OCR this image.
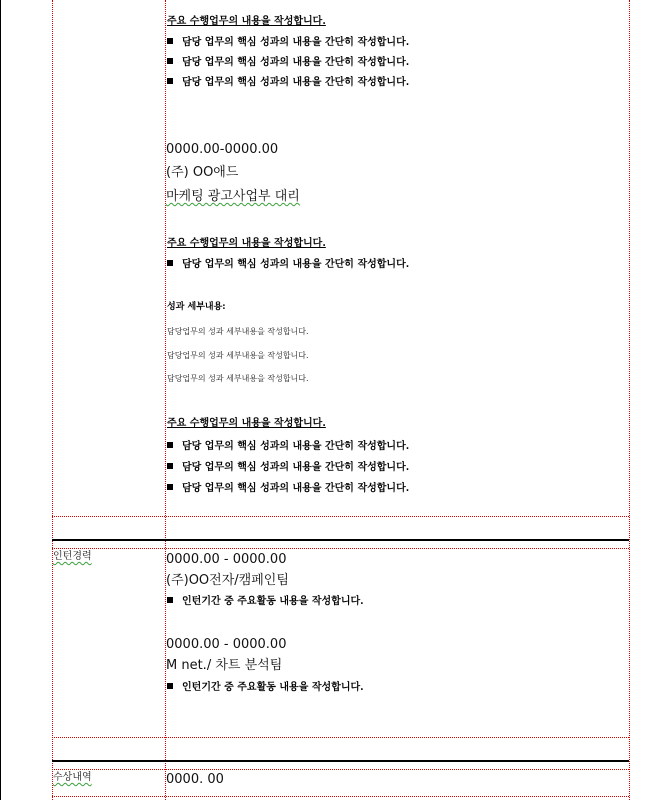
주요 수행업무의 내용을 작성합니다.
담당 업무의 핵심 성과의 내용을 간단히 작성합니다.
담당 업무의 핵심 성과의 내용을 간단히 작성합니다.
담당 업무의 핵심 성과의 내용을 간단히 작성합니다.
0000.00-0000.00
(주) OO애드
마케팅 광고사업부 대리
주요 수행업무의 내용을 작성합니다.
담당 업무의 핵심 성과의 내용을 간단히 작성합니다.
성과 세부내용:
담당업무의 성과 세부내용을 작성합니다.
담당업무의 성과 세부내용을 작성합니다.
담당업무의 성과 세부내용을 작성합니다.
주요 수행업무의 내용을 작성합니다.
담당 업무의 핵심 성과의 내용을 간단히 작성합니다.
담당 업무의 핵심 성과의 내용을 간단히 작성합니다.
담당 업무의 핵심 성과의 내용을 간단히 작성합니다.
인턴경력	0000.00 - 0000.00
(주)OO전자/캠페인팀
인턴기간 중 주요활동 내용을 작성합니다.
0000.00 - 0000.00
M net./ 차트 분석팀
인턴기간 중 주요활동 내용을 작성합니다.
수상내역	0000. 00
